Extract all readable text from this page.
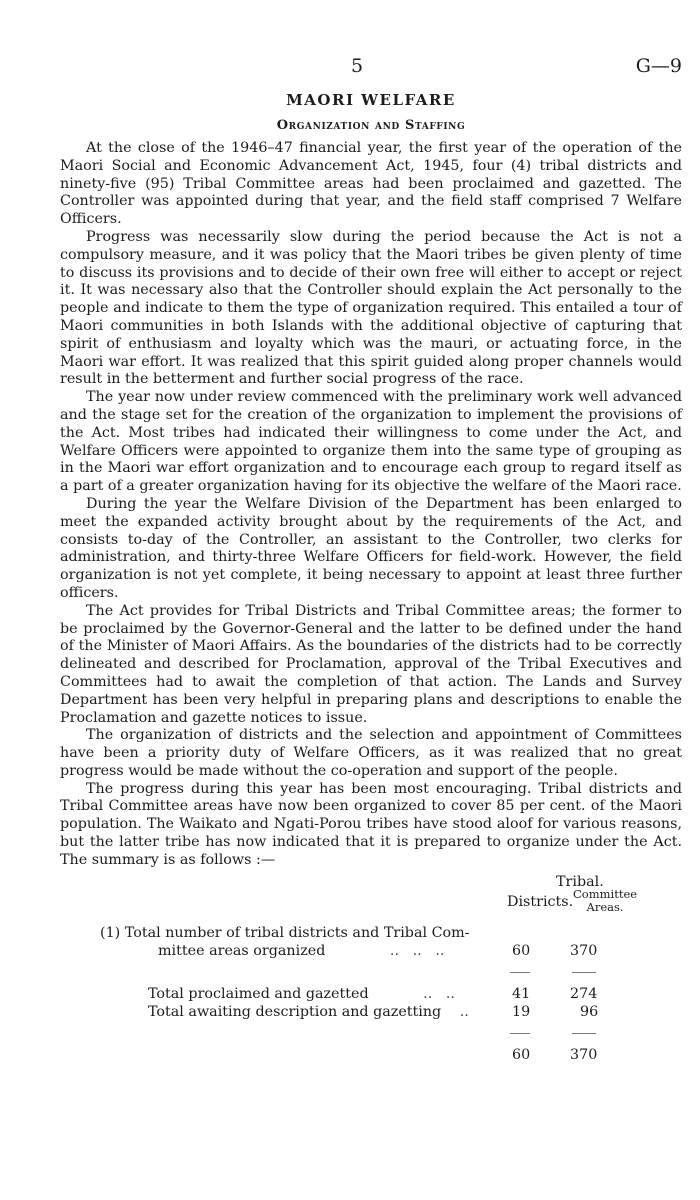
5	G—9
MAORI WELFARE
Organization and Staffing

At the close of the 1946–47 financial year, the first year of the operation of the Maori Social and Economic Advancement Act, 1945, four (4) tribal districts and ninety-five (95) Tribal Committee areas had been proclaimed and gazetted. The Controller was appointed during that year, and the field staff comprised 7 Welfare Officers.

Progress was necessarily slow during the period because the Act is not a compulsory measure, and it was policy that the Maori tribes be given plenty of time to discuss its provisions and to decide of their own free will either to accept or reject it. It was necessary also that the Controller should explain the Act personally to the people and indicate to them the type of organization required. This entailed a tour of Maori communities in both Islands with the additional objective of capturing that spirit of enthusiasm and loyalty which was the mauri, or actuating force, in the Maori war effort. It was realized that this spirit guided along proper channels would result in the betterment and further social progress of the race.

The year now under review commenced with the preliminary work well advanced and the stage set for the creation of the organization to implement the provisions of the Act. Most tribes had indicated their willingness to come under the Act, and Welfare Officers were appointed to organize them into the same type of grouping as in the Maori war effort organization and to encourage each group to regard itself as a part of a greater organization having for its objective the welfare of the Maori race.

During the year the Welfare Division of the Department has been enlarged to meet the expanded activity brought about by the requirements of the Act, and consists to-day of the Controller, an assistant to the Controller, two clerks for administration, and thirty-three Welfare Officers for field-work. However, the field organization is not yet complete, it being necessary to appoint at least three further officers.

The Act provides for Tribal Districts and Tribal Committee areas; the former to be proclaimed by the Governor-General and the latter to be defined under the hand of the Minister of Maori Affairs. As the boundaries of the districts had to be correctly delineated and described for Proclamation, approval of the Tribal Executives and Committees had to await the completion of that action. The Lands and Survey Department has been very helpful in preparing plans and descriptions to enable the Proclamation and gazette notices to issue.

The organization of districts and the selection and appointment of Committees have been a priority duty of Welfare Officers, as it was realized that no great progress would be made without the co-operation and support of the people.

The progress during this year has been most encouraging. Tribal districts and Tribal Committee areas have now been organized to cover 85 per cent. of the Maori population. The Waikato and Ngati-Porou tribes have stood aloof for various reasons, but the latter tribe has now indicated that it is prepared to organize under the Act. The summary is as follows :—

Tribal.
Districts. Committee
Areas.
(1) Total number of tribal districts and Tribal Com-
mittee areas organized	..   ..   ..	60	370
Total proclaimed and gazetted	..   ..	41	274
Total awaiting description and gazetting ..	19	96
60	370
